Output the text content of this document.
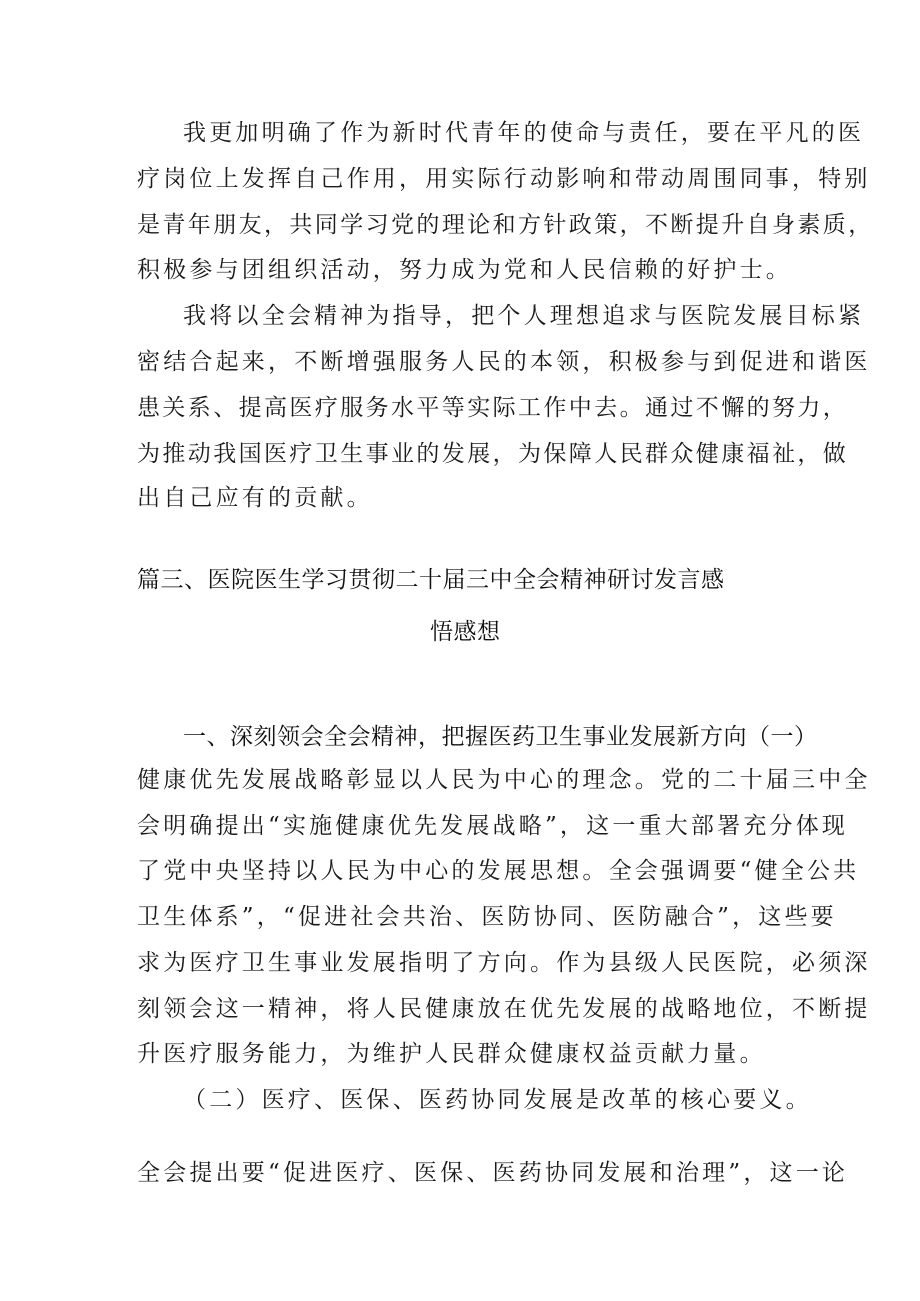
我更加明确了作为新时代青年的使命与责任，要在平凡的医
疗岗位上发挥自己作用，用实际行动影响和带动周围同事，特别
是青年朋友，共同学习党的理论和方针政策，不断提升自身素质，
积极参与团组织活动，努力成为党和人民信赖的好护士。
我将以全会精神为指导，把个人理想追求与医院发展目标紧
密结合起来，不断增强服务人民的本领，积极参与到促进和谐医
患关系、提高医疗服务水平等实际工作中去。通过不懈的努力，
为推动我国医疗卫生事业的发展，为保障人民群众健康福祉，做
出自己应有的贡献。
篇三、医院医生学习贯彻二十届三中全会精神研讨发言感
悟感想
一、深刻领会全会精神，把握医药卫生事业发展新方向（一）
健康优先发展战略彰显以人民为中心的理念。党的二十届三中全
会明确提出“实施健康优先发展战略”，这一重大部署充分体现
了党中央坚持以人民为中心的发展思想。全会强调要“健全公共
卫生体系”，“促进社会共治、医防协同、医防融合”，这些要
求为医疗卫生事业发展指明了方向。作为县级人民医院，必须深
刻领会这一精神，将人民健康放在优先发展的战略地位，不断提
升医疗服务能力，为维护人民群众健康权益贡献力量。
（二）医疗、医保、医药协同发展是改革的核心要义。
全会提出要“促进医疗、医保、医药协同发展和治理”，这一论
